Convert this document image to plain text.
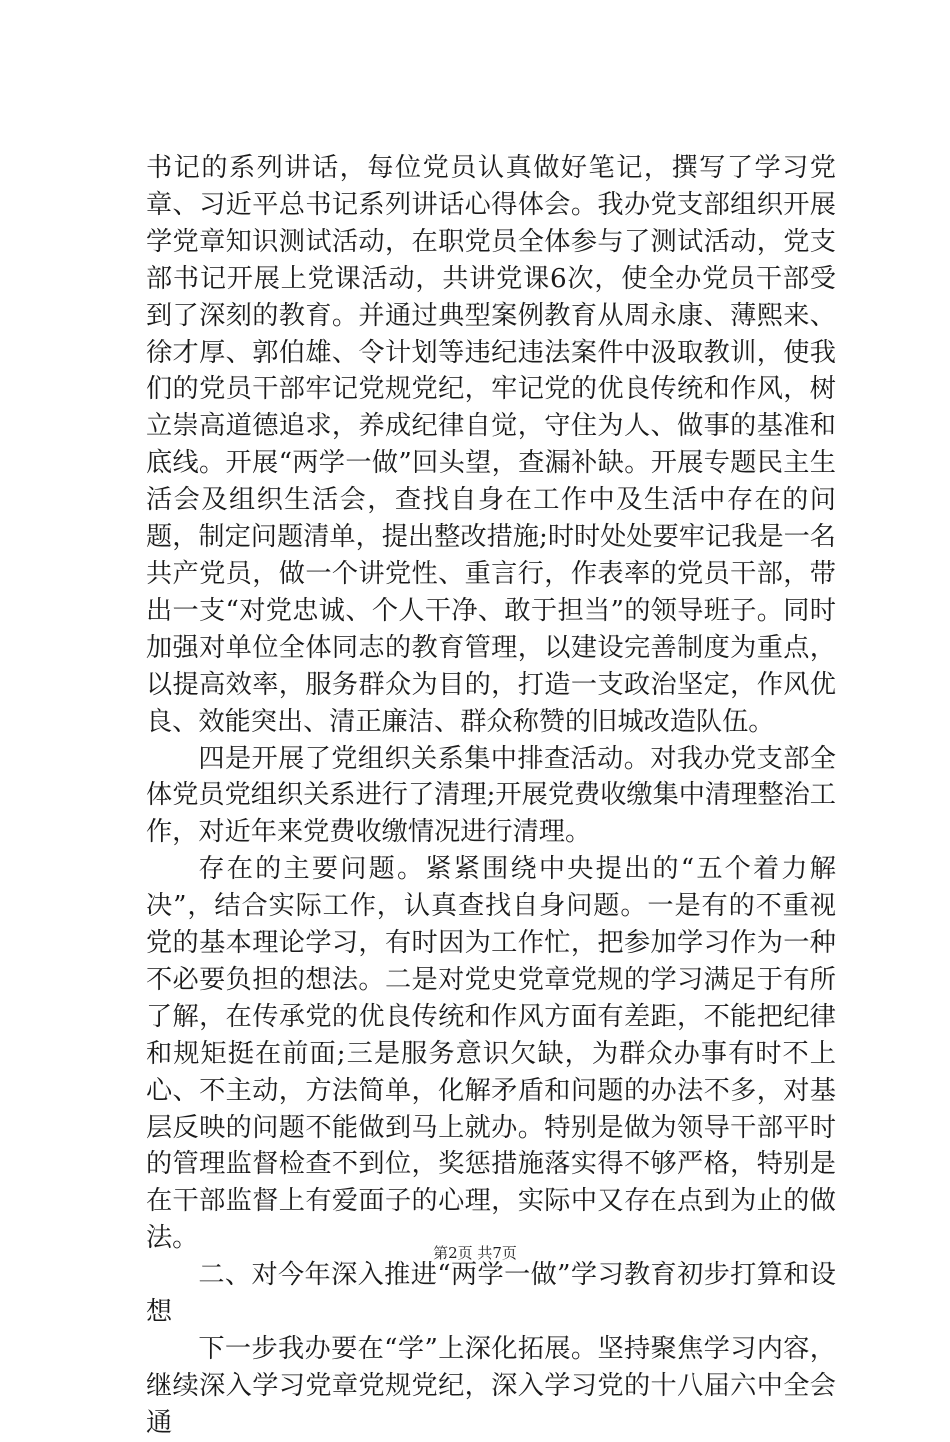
书记的系列讲话，每位党员认真做好笔记，撰写了学习党章、习近平总书记系列讲话心得体会。我办党支部组织开展学党章知识测试活动，在职党员全体参与了测试活动，党支部书记开展上党课活动，共讲党课6次，使全办党员干部受到了深刻的教育。并通过典型案例教育从周永康、薄熙来、徐才厚、郭伯雄、令计划等违纪违法案件中汲取教训，使我们的党员干部牢记党规党纪，牢记党的优良传统和作风，树立崇高道德追求，养成纪律自觉，守住为人、做事的基准和底线。开展“两学一做”回头望，查漏补缺。开展专题民主生活会及组织生活会，查找自身在工作中及生活中存在的问题，制定问题清单，提出整改措施;时时处处要牢记我是一名共产党员，做一个讲党性、重言行，作表率的党员干部，带出一支“对党忠诚、个人干净、敢于担当”的领导班子。同时加强对单位全体同志的教育管理，以建设完善制度为重点，以提高效率，服务群众为目的，打造一支政治坚定，作风优良、效能突出、清正廉洁、群众称赞的旧城改造队伍。

四是开展了党组织关系集中排查活动。对我办党支部全体党员党组织关系进行了清理;开展党费收缴集中清理整治工作，对近年来党费收缴情况进行清理。

存在的主要问题。紧紧围绕中央提出的“五个着力解决”，结合实际工作，认真查找自身问题。一是有的不重视党的基本理论学习，有时因为工作忙，把参加学习作为一种不必要负担的想法。二是对党史党章党规的学习满足于有所了解，在传承党的优良传统和作风方面有差距，不能把纪律和规矩挺在前面;三是服务意识欠缺，为群众办事有时不上心、不主动，方法简单，化解矛盾和问题的办法不多，对基层反映的问题不能做到马上就办。特别是做为领导干部平时的管理监督检查不到位，奖惩措施落实得不够严格，特别是在干部监督上有爱面子的心理，实际中又存在点到为止的做法。

二、对今年深入推进“两学一做”学习教育初步打算和设想

下一步我办要在“学”上深化拓展。坚持聚焦学习内容，继续深入学习党章党规党纪，深入学习党的十八届六中全会通

第2页 共7页
